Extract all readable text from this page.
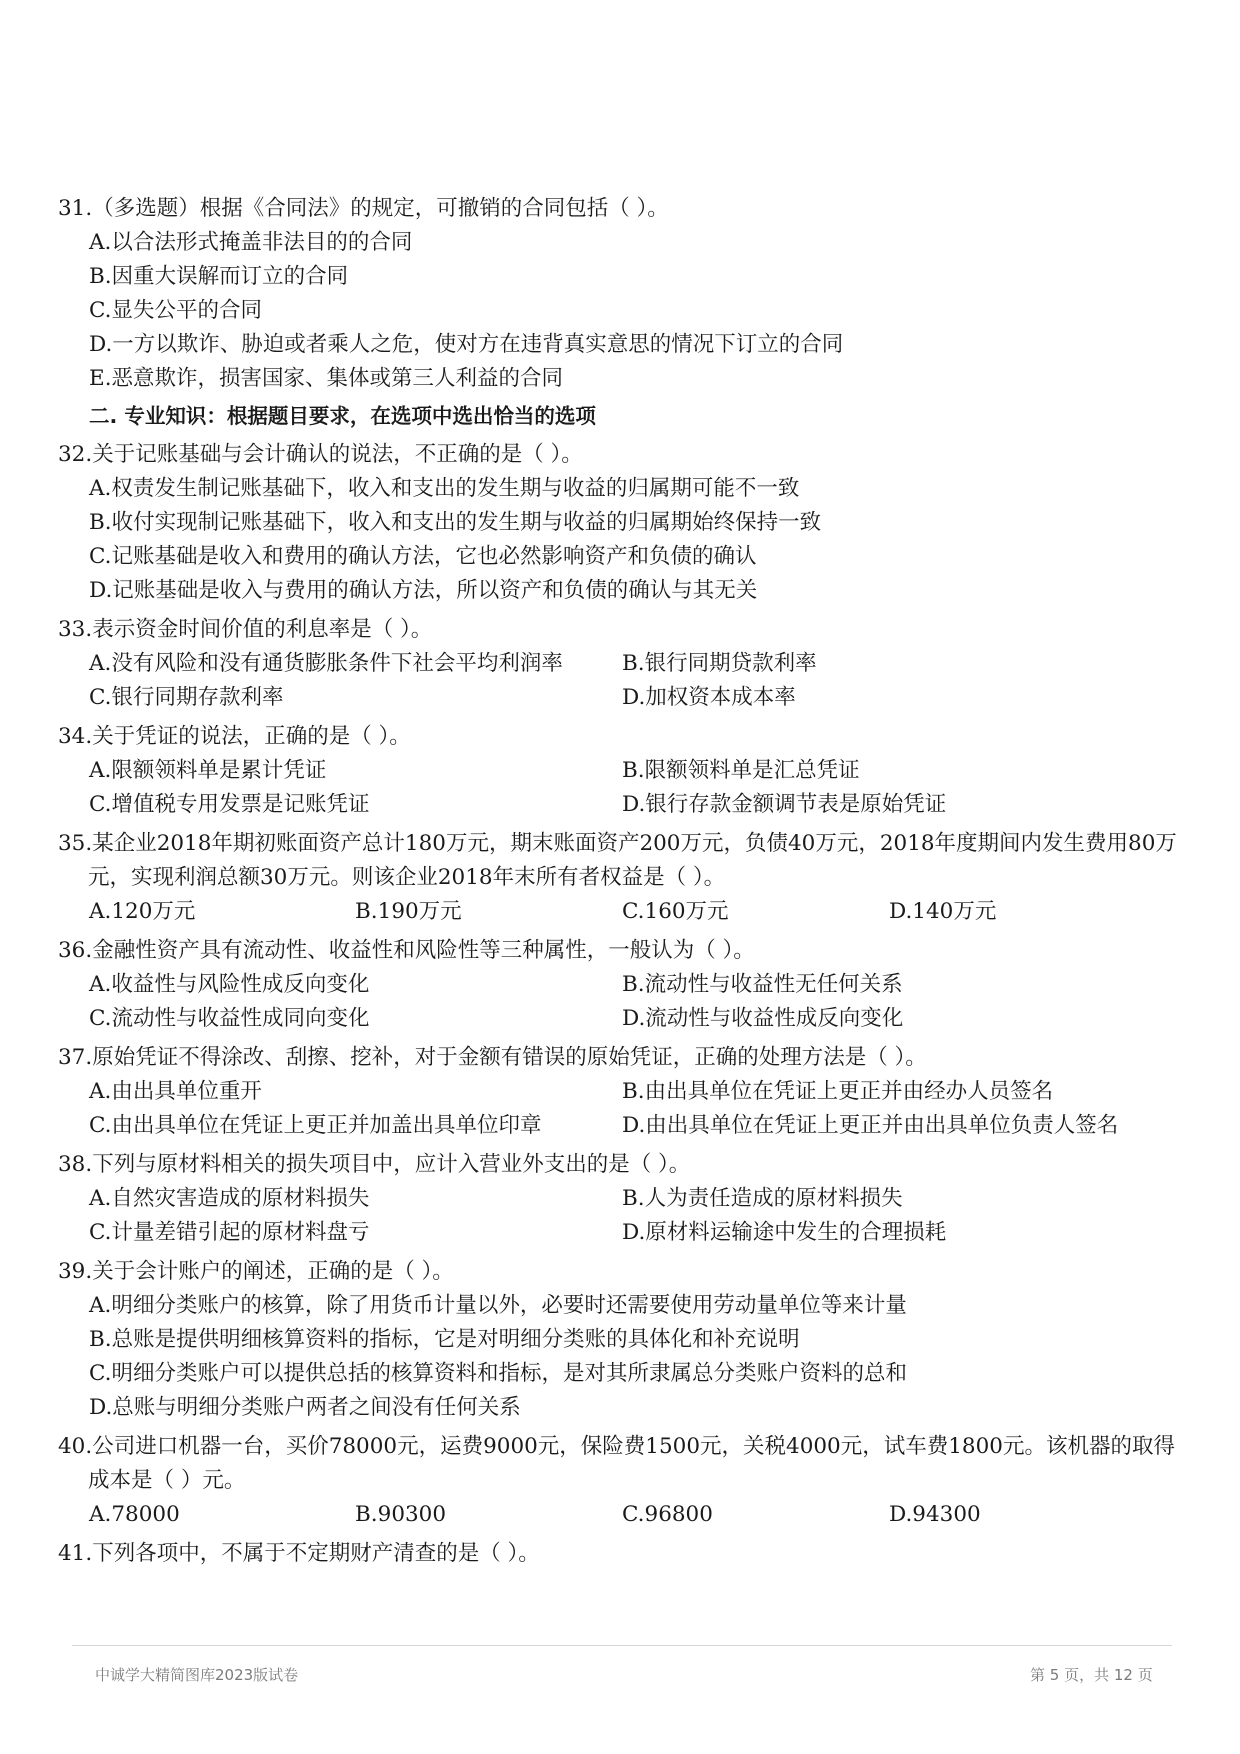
31.（多选题）根据《合同法》的规定，可撤销的合同包括（ ）。
A.以合法形式掩盖非法目的的合同
B.因重大误解而订立的合同
C.显失公平的合同
D.一方以欺诈、胁迫或者乘人之危，使对方在违背真实意思的情况下订立的合同
E.恶意欺诈，损害国家、集体或第三人利益的合同
二. 专业知识：根据题目要求，在选项中选出恰当的选项
32.关于记账基础与会计确认的说法，不正确的是（ ）。
A.权责发生制记账基础下，收入和支出的发生期与收益的归属期可能不一致
B.收付实现制记账基础下，收入和支出的发生期与收益的归属期始终保持一致
C.记账基础是收入和费用的确认方法，它也必然影响资产和负债的确认
D.记账基础是收入与费用的确认方法，所以资产和负债的确认与其无关
33.表示资金时间价值的利息率是（ ）。
A.没有风险和没有通货膨胀条件下社会平均利润率	B.银行同期贷款利率
C.银行同期存款利率	D.加权资本成本率
34.关于凭证的说法，正确的是（ ）。
A.限额领料单是累计凭证	B.限额领料单是汇总凭证
C.增值税专用发票是记账凭证	D.银行存款金额调节表是原始凭证
35.某企业2018年期初账面资产总计180万元，期末账面资产200万元，负债40万元，2018年度期间内发生费用80万
元，实现利润总额30万元。则该企业2018年末所有者权益是（ ）。
A.120万元	B.190万元	C.160万元	D.140万元
36.金融性资产具有流动性、收益性和风险性等三种属性，一般认为（ ）。
A.收益性与风险性成反向变化	B.流动性与收益性无任何关系
C.流动性与收益性成同向变化	D.流动性与收益性成反向变化
37.原始凭证不得涂改、刮擦、挖补，对于金额有错误的原始凭证，正确的处理方法是（ ）。
A.由出具单位重开	B.由出具单位在凭证上更正并由经办人员签名
C.由出具单位在凭证上更正并加盖出具单位印章	D.由出具单位在凭证上更正并由出具单位负责人签名
38.下列与原材料相关的损失项目中，应计入营业外支出的是（ ）。
A.自然灾害造成的原材料损失	B.人为责任造成的原材料损失
C.计量差错引起的原材料盘亏	D.原材料运输途中发生的合理损耗
39.关于会计账户的阐述，正确的是（ ）。
A.明细分类账户的核算，除了用货币计量以外，必要时还需要使用劳动量单位等来计量
B.总账是提供明细核算资料的指标，它是对明细分类账的具体化和补充说明
C.明细分类账户可以提供总括的核算资料和指标，是对其所隶属总分类账户资料的总和
D.总账与明细分类账户两者之间没有任何关系
40.公司进口机器一台，买价78000元，运费9000元，保险费1500元，关税4000元，试车费1800元。该机器的取得
成本是（ ）元。
A.78000	B.90300	C.96800	D.94300
41.下列各项中，不属于不定期财产清查的是（ ）。
中诚学大精简图库2023版试卷	第 5 页，共 12 页
